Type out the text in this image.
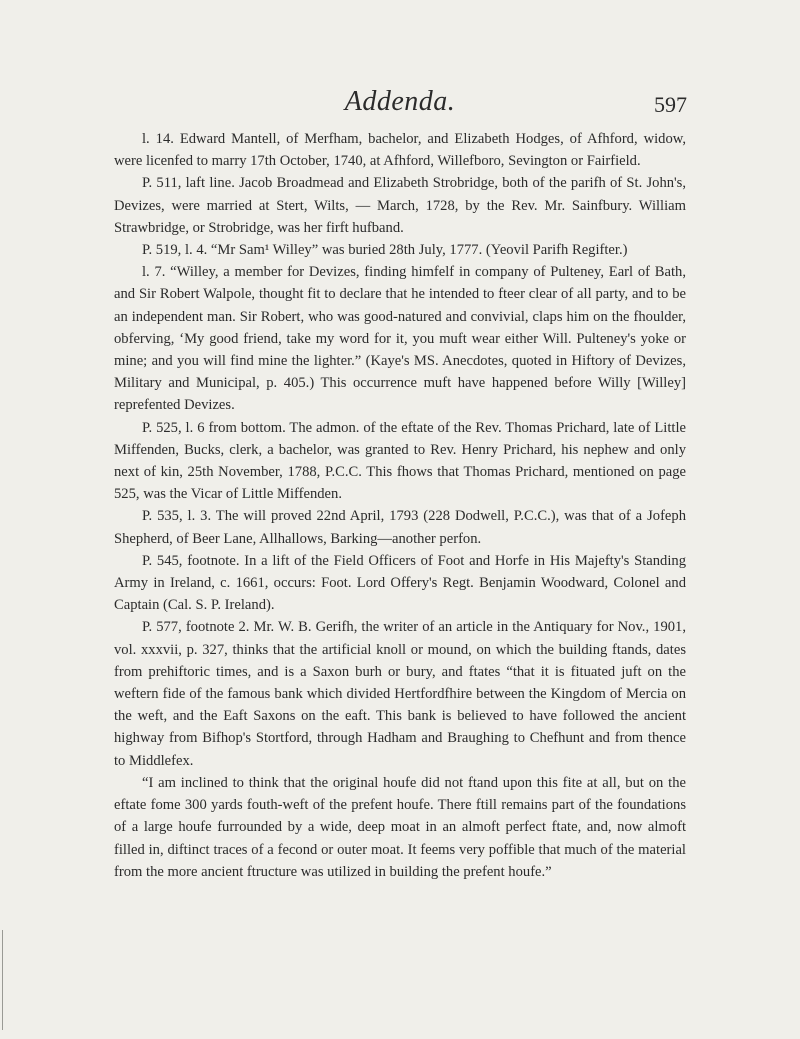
Addenda.	597

l. 14. Edward Mantell, of Merfham, bachelor, and Elizabeth Hodges, of Afhford, widow, were licenfed to marry 17th October, 1740, at Afhford, Willefboro, Sevington or Fairfield.

P. 511, laft line. Jacob Broadmead and Elizabeth Strobridge, both of the parifh of St. John's, Devizes, were married at Stert, Wilts, — March, 1728, by the Rev. Mr. Sainfbury. William Strawbridge, or Strobridge, was her firft hufband.

P. 519, l. 4. “Mr Sam¹ Willey” was buried 28th July, 1777. (Yeovil Parifh Regifter.)

l. 7. “Willey, a member for Devizes, finding himfelf in company of Pulteney, Earl of Bath, and Sir Robert Walpole, thought fit to declare that he intended to fteer clear of all party, and to be an independent man. Sir Robert, who was good-natured and convivial, claps him on the fhoulder, obferving, ‘My good friend, take my word for it, you muft wear either Will. Pulteney's yoke or mine; and you will find mine the lighter.” (Kaye's MS. Anecdotes, quoted in Hiftory of Devizes, Military and Municipal, p. 405.) This occurrence muft have happened before Willy [Willey] reprefented Devizes.

P. 525, l. 6 from bottom. The admon. of the eftate of the Rev. Thomas Prichard, late of Little Miffenden, Bucks, clerk, a bachelor, was granted to Rev. Henry Prichard, his nephew and only next of kin, 25th November, 1788, P.C.C. This fhows that Thomas Prichard, mentioned on page 525, was the Vicar of Little Miffenden.

P. 535, l. 3. The will proved 22nd April, 1793 (228 Dodwell, P.C.C.), was that of a Jofeph Shepherd, of Beer Lane, Allhallows, Barking—another perfon.

P. 545, footnote. In a lift of the Field Officers of Foot and Horfe in His Majefty's Standing Army in Ireland, c. 1661, occurs: Foot. Lord Offery's Regt. Benjamin Woodward, Colonel and Captain (Cal. S. P. Ireland).

P. 577, footnote 2. Mr. W. B. Gerifh, the writer of an article in the Antiquary for Nov., 1901, vol. xxxvii, p. 327, thinks that the artificial knoll or mound, on which the building ftands, dates from prehiftoric times, and is a Saxon burh or bury, and ftates “that it is fituated juft on the weftern fide of the famous bank which divided Hertfordfhire between the Kingdom of Mercia on the weft, and the Eaft Saxons on the eaft. This bank is believed to have followed the ancient highway from Bifhop's Stortford, through Hadham and Braughing to Chefhunt and from thence to Middlefex.

“I am inclined to think that the original houfe did not ftand upon this fite at all, but on the eftate fome 300 yards fouth-weft of the prefent houfe. There ftill remains part of the foundations of a large houfe furrounded by a wide, deep moat in an almoft perfect ftate, and, now almoft filled in, diftinct traces of a fecond or outer moat. It feems very poffible that much of the material from the more ancient ftructure was utilized in building the prefent houfe.”
